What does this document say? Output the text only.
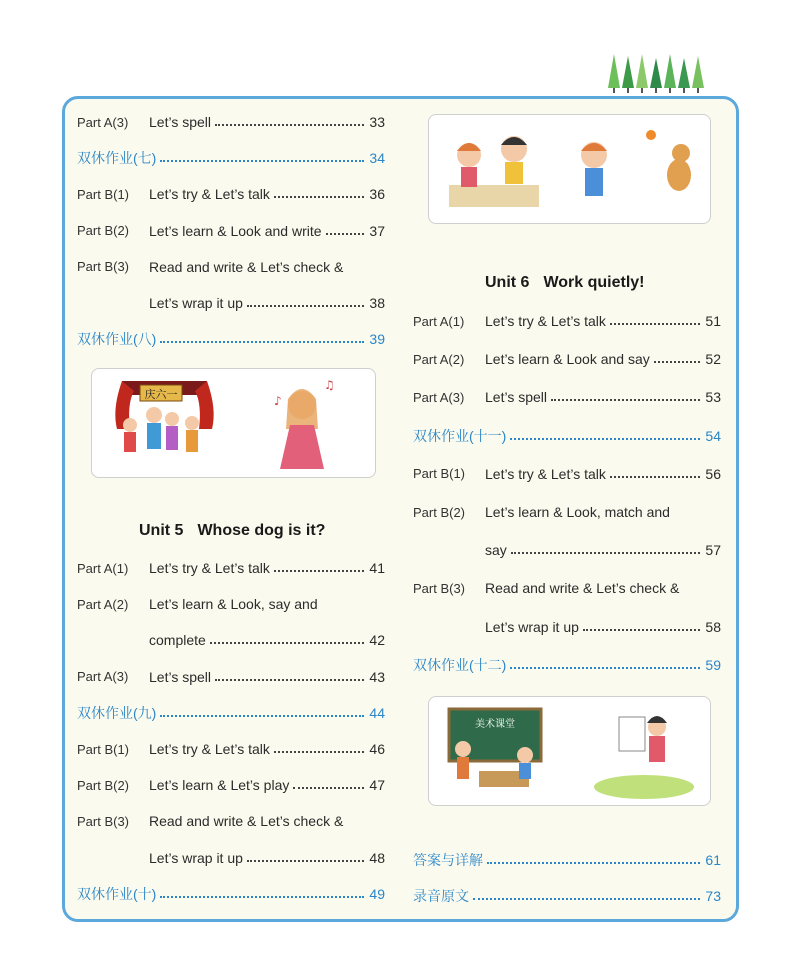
Part A(3)	Let’s spell	33
双休作业(七)	34
Part B(1)	Let’s try & Let’s talk	36
Part B(2)	Let’s learn & Look and write	37
Part B(3)	Read and write & Let’s check &
Let’s wrap it up	38
双休作业(八)	39
庆六一	♪
♫
Unit 5 Whose dog is it?
Part A(1)	Let’s try & Let’s talk	41
Part A(2)	Let’s learn & Look, say and
complete	42
Part A(3)	Let’s spell	43
双休作业(九)	44
Part B(1)	Let’s try & Let’s talk	46
Part B(2)	Let’s learn & Let’s play	47
Part B(3)	Read and write & Let’s check &
Let’s wrap it up	48
双休作业(十)	49
Unit 6 Work quietly!
Part A(1)	Let’s try & Let’s talk	51
Part A(2)	Let’s learn & Look and say	52
Part A(3)	Let’s spell	53
双休作业(十一)	54
Part B(1)	Let’s try & Let’s talk	56
Part B(2)	Let’s learn & Look, match and
say	57
Part B(3)	Read and write & Let’s check &
Let’s wrap it up	58
双休作业(十二)	59
美术课堂
答案与详解	61
录音原文	73
